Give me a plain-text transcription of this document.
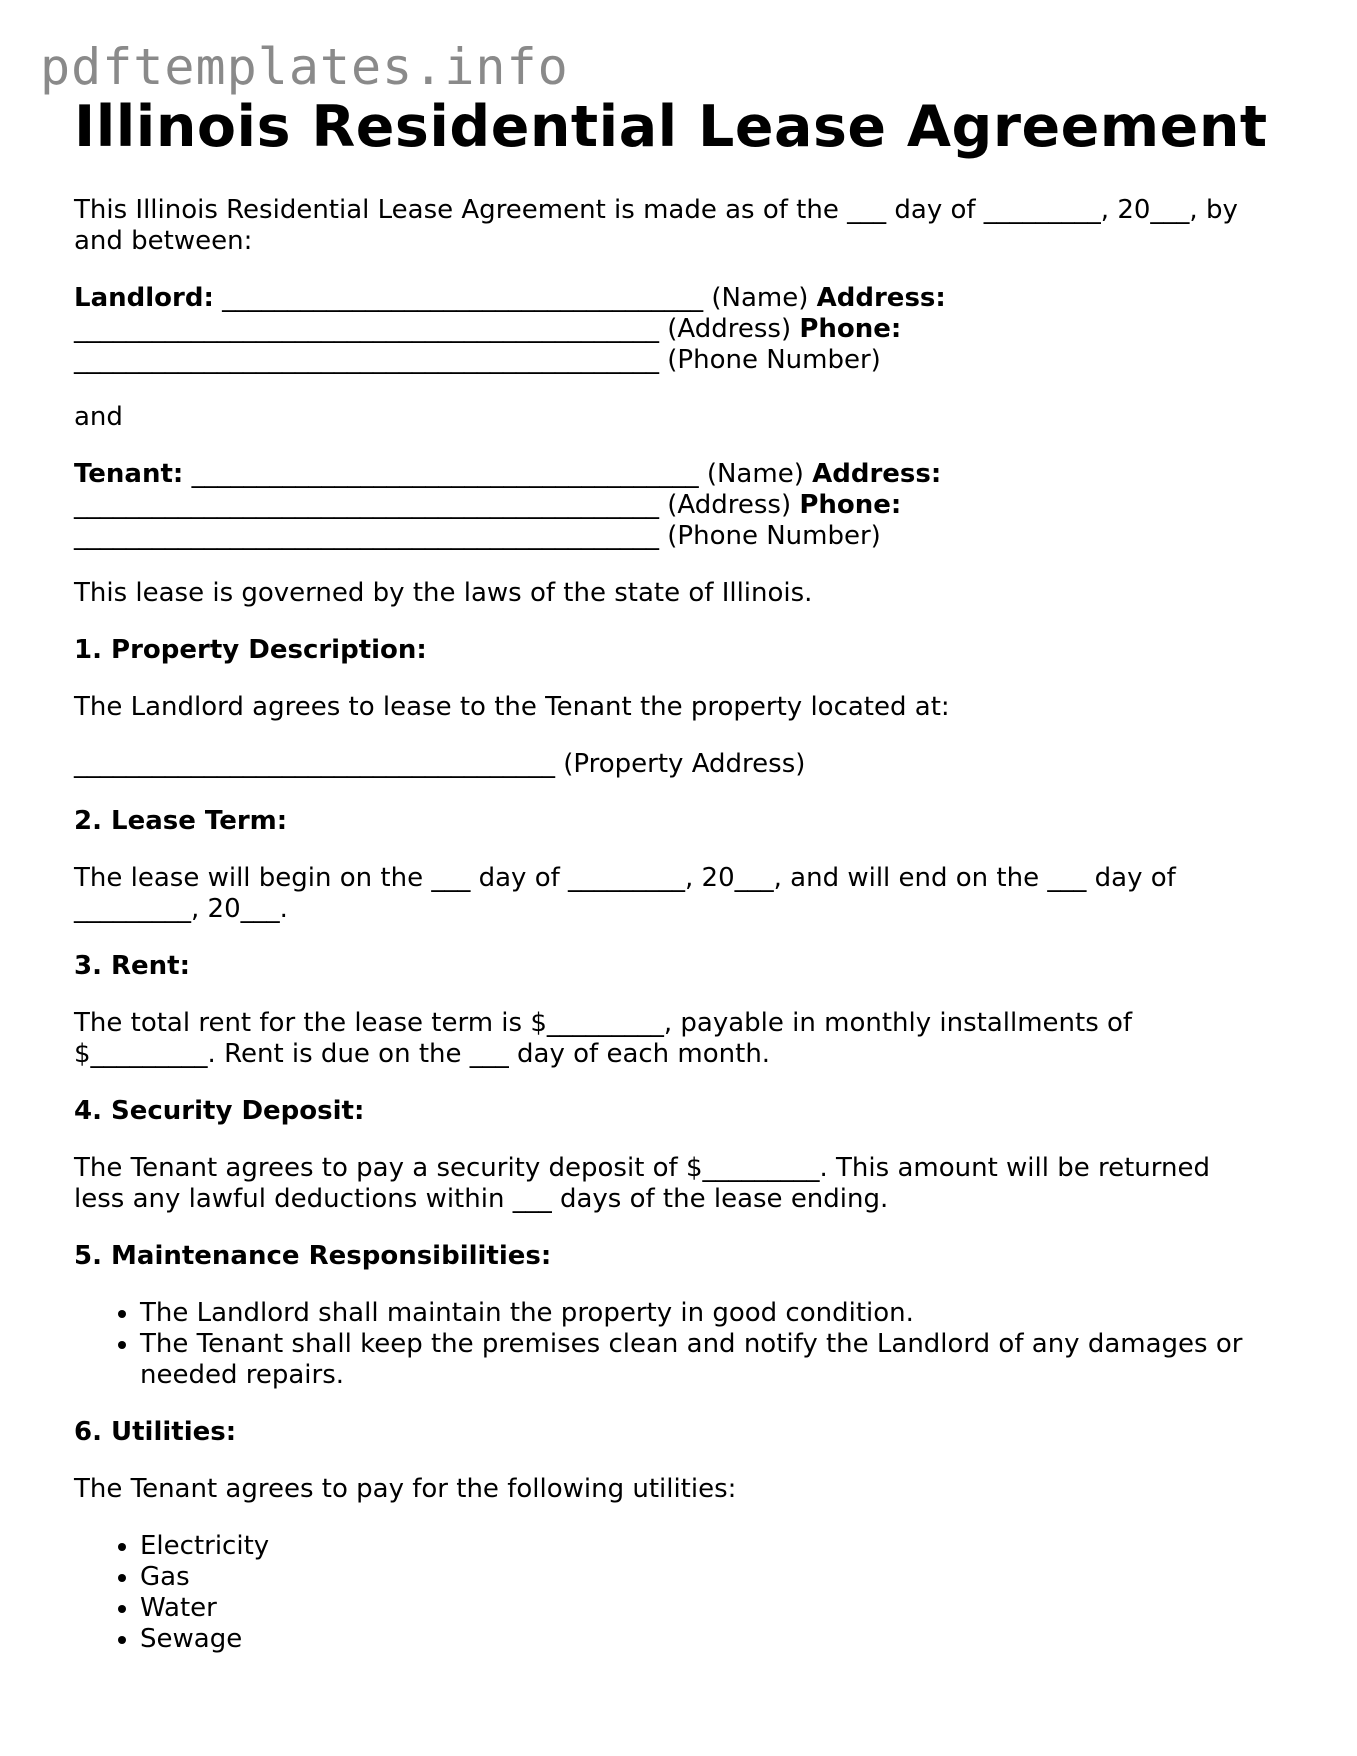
pdftemplates.info
Illinois Residential Lease Agreement

This Illinois Residential Lease Agreement is made as of the ___ day of _________, 20___, by
and between:

Landlord: _____________________________________ (Name) Address:
_____________________________________________ (Address) Phone:
_____________________________________________ (Phone Number)

and

Tenant: _______________________________________ (Name) Address:
_____________________________________________ (Address) Phone:
_____________________________________________ (Phone Number)

This lease is governed by the laws of the state of Illinois.

1. Property Description:

The Landlord agrees to lease to the Tenant the property located at:

_____________________________________ (Property Address)

2. Lease Term:

The lease will begin on the ___ day of _________, 20___, and will end on the ___ day of
_________, 20___.

3. Rent:

The total rent for the lease term is $_________, payable in monthly installments of
$_________. Rent is due on the ___ day of each month.

4. Security Deposit:

The Tenant agrees to pay a security deposit of $_________. This amount will be returned
less any lawful deductions within ___ days of the lease ending.

5. Maintenance Responsibilities:

• The Landlord shall maintain the property in good condition.
• The Tenant shall keep the premises clean and notify the Landlord of any damages or needed repairs.

6. Utilities:

The Tenant agrees to pay for the following utilities:

• Electricity
• Gas
• Water
• Sewage
